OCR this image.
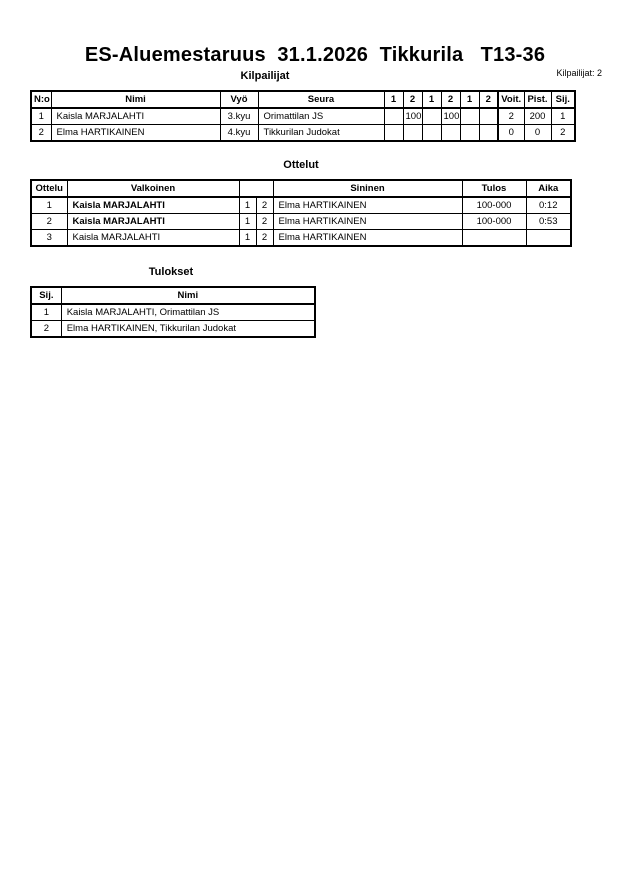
ES-Aluemestaruus  31.1.2026  Tikkurila   T13-36
Kilpailijat: 2
Kilpailijat
N:o	Nimi	Vyö	Seura	1	2	1	2	1	2	Voit.	Pist.	Sij.
1	Kaisla MARJALAHTI	3.kyu	Orimattilan JS		100		100			2	200	1
2	Elma HARTIKAINEN	4.kyu	Tikkurilan Judokat							0	0	2
Ottelut
Ottelu	Valkoinen			Sininen	Tulos	Aika
1	Kaisla MARJALAHTI	1	2	Elma HARTIKAINEN	100-000	0:12
2	Kaisla MARJALAHTI	1	2	Elma HARTIKAINEN	100-000	0:53
3	Kaisla MARJALAHTI	1	2	Elma HARTIKAINEN		
Tulokset
Sij.	Nimi
1	Kaisla MARJALAHTI, Orimattilan JS
2	Elma HARTIKAINEN, Tikkurilan Judokat
